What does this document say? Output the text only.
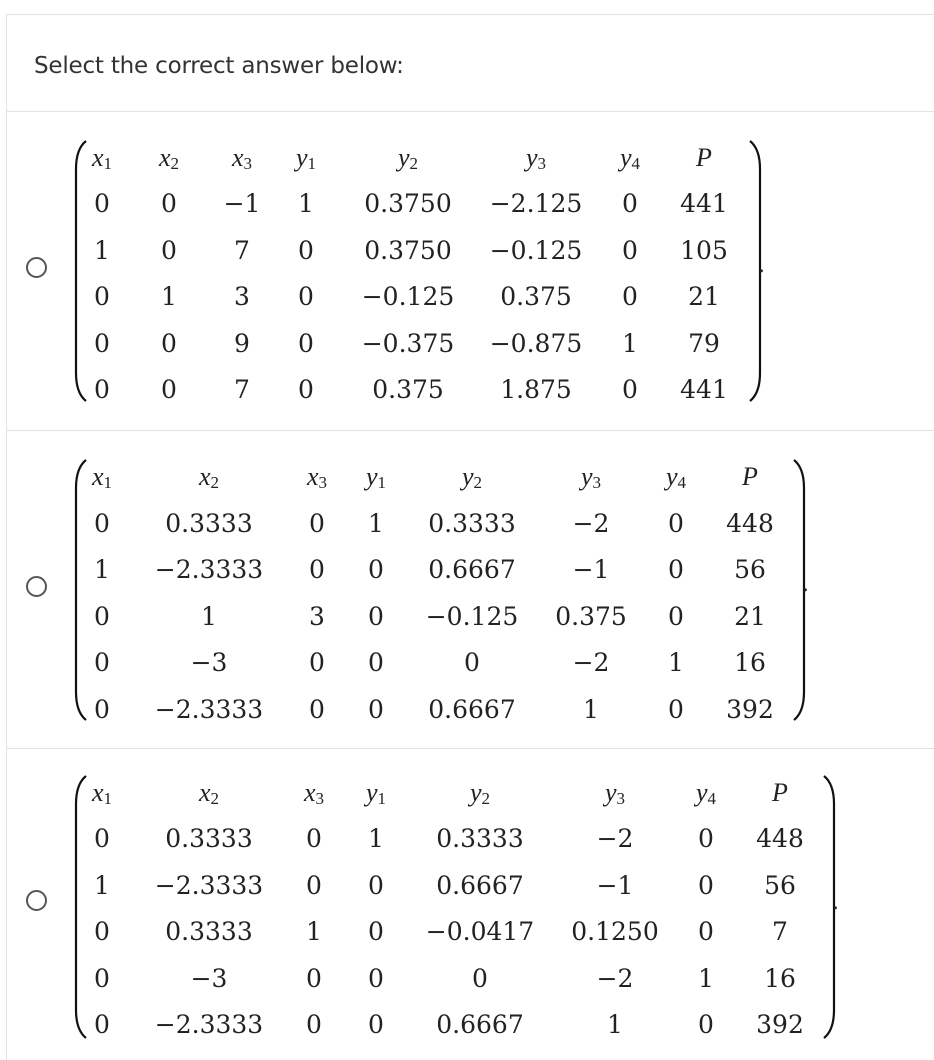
Select the correct answer below:
$x_1$ $x_2$ $x_3$ $y_1$	$y_2$	$y_3$	$y_4$ P
0 0 −1 1 0.3750 −2.125 0 441
1 0 7 0 0.3750 −0.125 0 105
0 1 3 0 −0.125 0.375 0 21
0 0 9 0 −0.375 −0.875 1 79
0 0 7 0 0.375 1.875 0 441
.
$x_1$	$x_2$	$x_3$ $y_1$	$y_2$	$y_3$ $y_4$ P
0 0.3333 0 1 0.3333 −2 0 448
1 −2.3333 0 0 0.6667 −1 0 56
0	1	3 0 −0.125 0.375 0 21
0	−3	0 0	0	−2 1 16
0 −2.3333 0 0 0.6667	1	0 392
.
$x_1$	$x_2$	$x_3$ $y_1$	$y_2$	$y_3$	$y_4$ P
0 0.3333 0 1 0.3333	−2	0 448
1 −2.3333 0 0 0.6667	−1	0 56
0 0.3333 1 0 −0.0417 0.1250 0 7
0	−3	0 0	0	−2	1 16
0 −2.3333 0 0 0.6667	1	0 392
.
